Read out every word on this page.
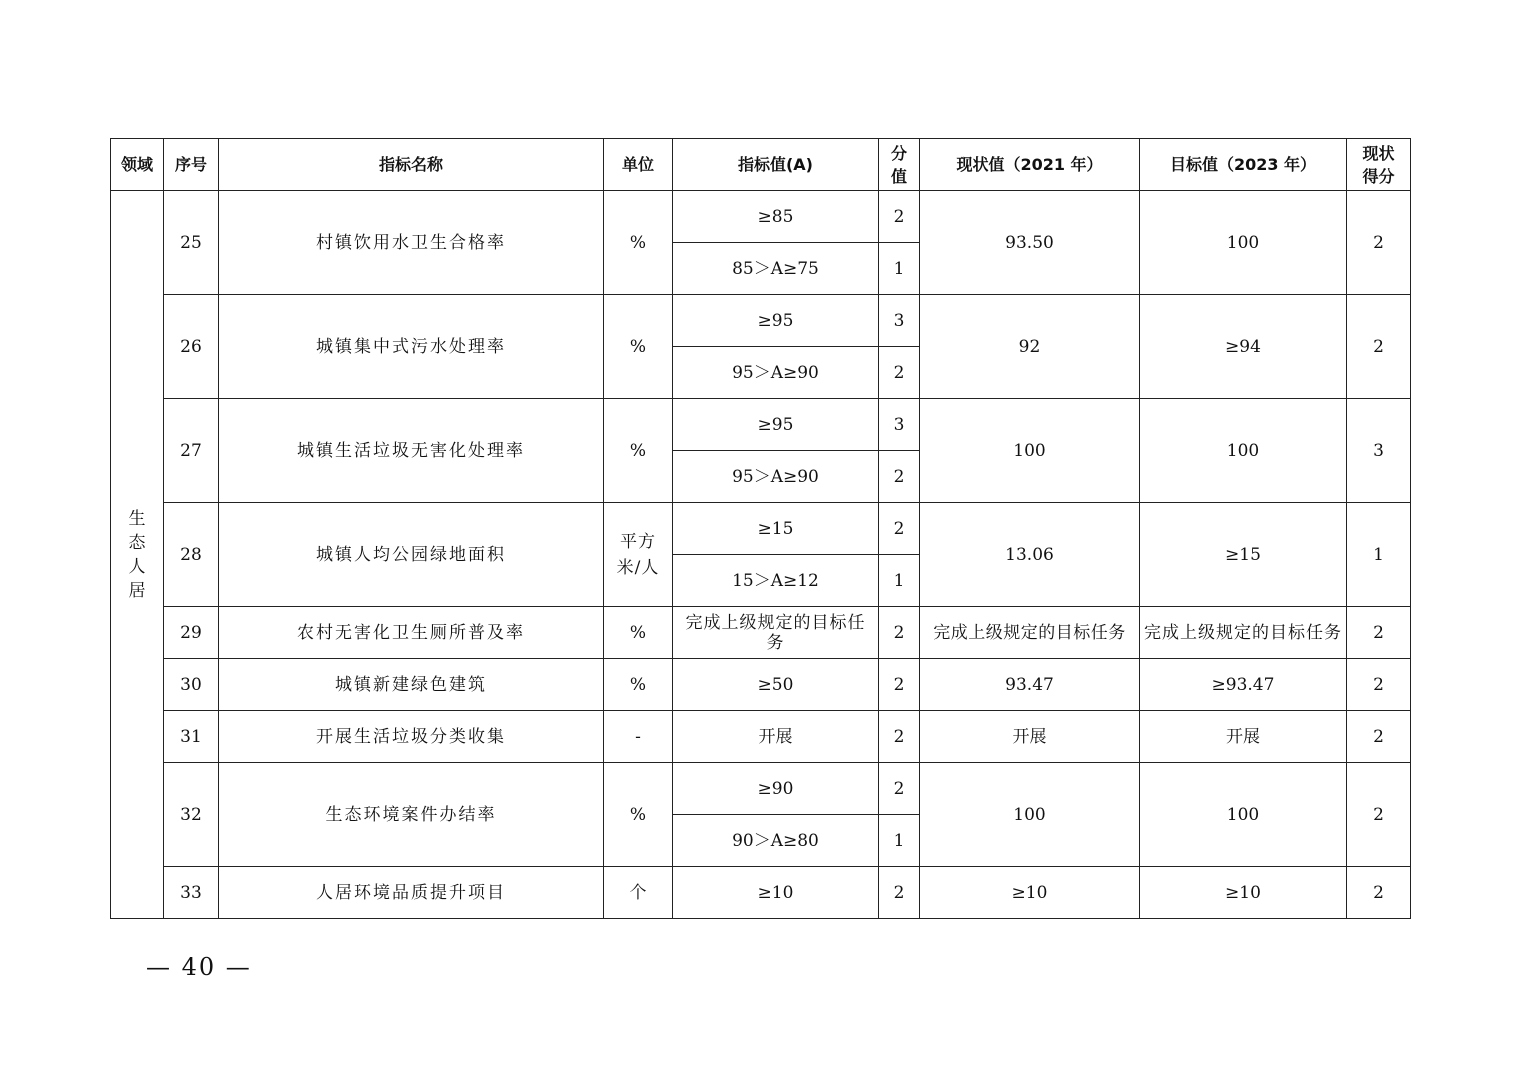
领域	序号	指标名称	单位	指标值(A)	分值	现状值（2021 年）	目标值（2023 年）	现状得分
生态人居	25	村镇饮用水卫生合格率	%	≥85	2	93.50	100	2
				85＞A≥75	1			
	26	城镇集中式污水处理率	%	≥95	3	92	≥94	2
				95＞A≥90	2			
	27	城镇生活垃圾无害化处理率	%	≥95	3	100	100	3
				95＞A≥90	2			
	28	城镇人均公园绿地面积	平方米/人	≥15	2	13.06	≥15	1
				15＞A≥12	1			
	29	农村无害化卫生厕所普及率	%	完成上级规定的目标任务	2	完成上级规定的目标任务	完成上级规定的目标任务	2
	30	城镇新建绿色建筑	%	≥50	2	93.47	≥93.47	2
	31	开展生活垃圾分类收集	-	开展	2	开展	开展	2
	32	生态环境案件办结率	%	≥90	2	100	100	2
				90＞A≥80	1			
	33	人居环境品质提升项目	个	≥10	2	≥10	≥10	2
— 40 —
